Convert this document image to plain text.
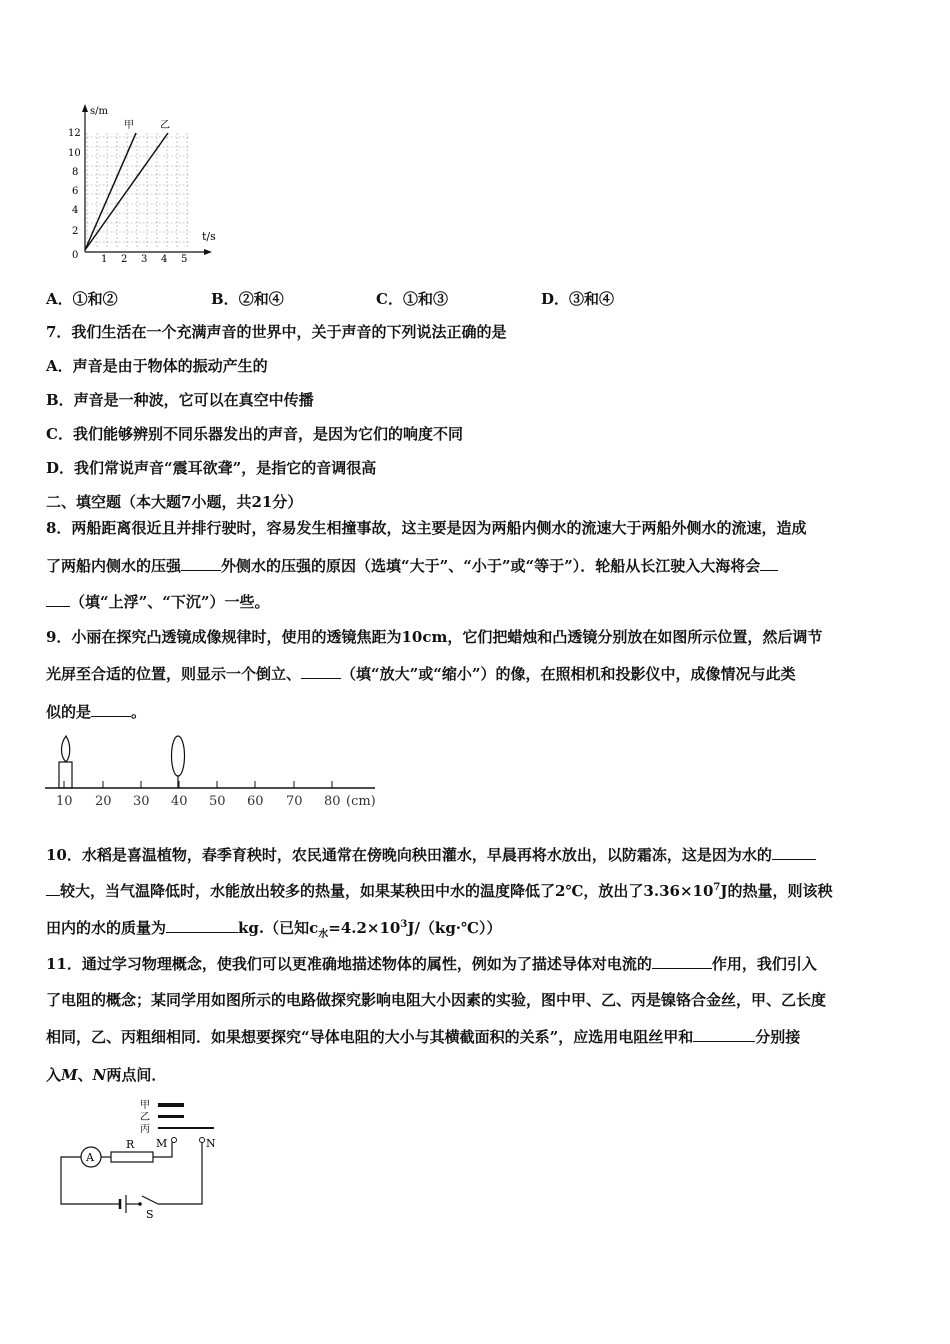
s/m
甲	乙
t/s
12
10
8
6
4
2
0 1 2 3 4 5
A．①和②	B．②和④	C．①和③	D．③和④
7．我们生活在一个充满声音的世界中，关于声音的下列说法正确的是
A．声音是由于物体的振动产生的
B．声音是一种波，它可以在真空中传播
C．我们能够辨别不同乐器发出的声音，是因为它们的响度不同
D．我们常说声音“震耳欲聋”，是指它的音调很高
二、填空题（本大题7小题，共21分）
8．两船距离很近且并排行驶时，容易发生相撞事故，这主要是因为两船内侧水的流速大于两船外侧水的流速，造成
了两船内侧水的压强	外侧水的压强的原因（选填“大于”、“小于”或“等于”）．轮船从长江驶入大海将会
（填“上浮”、“下沉”）一些。
9．小丽在探究凸透镜成像规律时，使用的透镜焦距为10cm，它们把蜡烛和凸透镜分别放在如图所示位置，然后调节
光屏至合适的位置，则显示一个倒立、	（填“放大”或“缩小”）的像，在照相机和投影仪中，成像情况与此类
似的是	。
10 20 30 40 50 60 70 80 (cm)
10．水稻是喜温植物，春季育秧时，农民通常在傍晚向秧田灌水，早晨再将水放出，以防霜冻，这是因为水的
较大，当气温降低时，水能放出较多的热量，如果某秧田中水的温度降低了2℃，放出了$3.36\times 10^7J$的热量，则该秧
田内的水的质量为	kg.（已知$c_水=4.2\times 10^3J/(kg\cdot℃)$）
11．通过学习物理概念，使我们可以更准确地描述物体的属性，例如为了描述导体对电流的	作用，我们引入
了电阻的概念；某同学用如图所示的电路做探究影响电阻大小因素的实验，图中甲、乙、丙是镍铬合金丝，甲、乙长度
相同，乙、丙粗细相同．如果想要探究“导体电阻的大小与其横截面积的关系”，应选用电阻丝甲和	分别接
入M、N两点间．
甲
乙
丙
A
R M	N
S
